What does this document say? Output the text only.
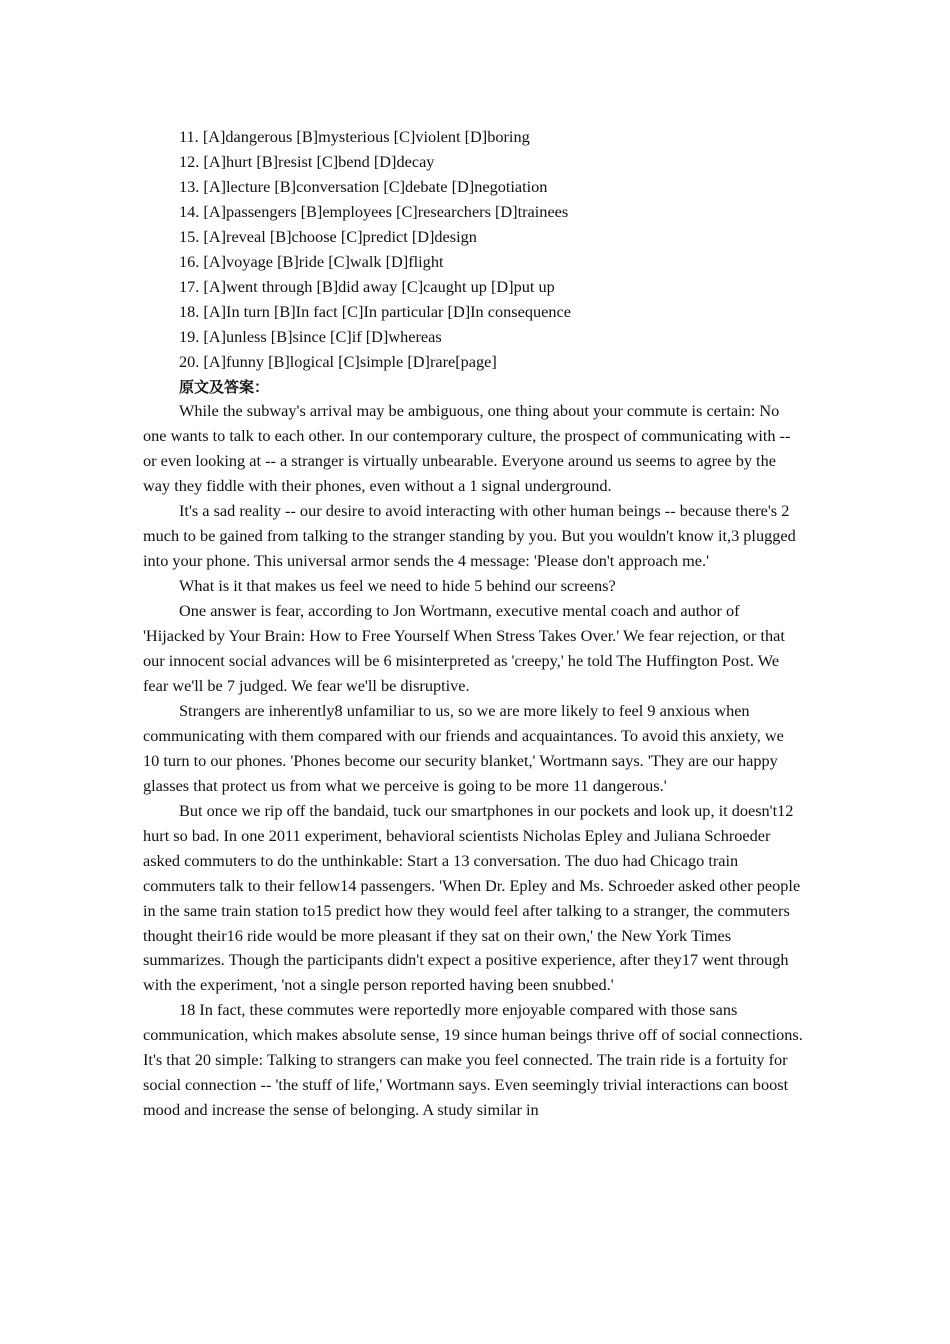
11. [A]dangerous [B]mysterious [C]violent [D]boring
12. [A]hurt [B]resist [C]bend [D]decay
13. [A]lecture [B]conversation [C]debate [D]negotiation
14. [A]passengers [B]employees [C]researchers [D]trainees
15. [A]reveal [B]choose [C]predict [D]design
16. [A]voyage [B]ride [C]walk [D]flight
17. [A]went through [B]did away [C]caught up [D]put up
18. [A]In turn [B]In fact [C]In particular [D]In consequence
19. [A]unless [B]since [C]if [D]whereas
20. [A]funny [B]logical [C]simple [D]rare[page]
原文及答案：

While the subway's arrival may be ambiguous, one thing about your commute is certain: No one wants to talk to each other. In our contemporary culture, the prospect of communicating with -- or even looking at -- a stranger is virtually unbearable. Everyone around us seems to agree by the way they fiddle with their phones, even without a 1 signal underground.

It's a sad reality -- our desire to avoid interacting with other human beings -- because there's 2 much to be gained from talking to the stranger standing by you. But you wouldn't know it,3 plugged into your phone. This universal armor sends the 4 message: 'Please don't approach me.'

What is it that makes us feel we need to hide 5 behind our screens?

One answer is fear, according to Jon Wortmann, executive mental coach and author of 'Hijacked by Your Brain: How to Free Yourself When Stress Takes Over.' We fear rejection, or that our innocent social advances will be 6 misinterpreted as 'creepy,' he told The Huffington Post. We fear we'll be 7 judged. We fear we'll be disruptive.

Strangers are inherently8 unfamiliar to us, so we are more likely to feel 9 anxious when communicating with them compared with our friends and acquaintances. To avoid this anxiety, we 10 turn to our phones. 'Phones become our security blanket,' Wortmann says. 'They are our happy glasses that protect us from what we perceive is going to be more 11 dangerous.'

But once we rip off the bandaid, tuck our smartphones in our pockets and look up, it doesn't12 hurt so bad. In one 2011 experiment, behavioral scientists Nicholas Epley and Juliana Schroeder asked commuters to do the unthinkable: Start a 13 conversation. The duo had Chicago train commuters talk to their fellow14 passengers. 'When Dr. Epley and Ms. Schroeder asked other people in the same train station to15 predict how they would feel after talking to a stranger, the commuters thought their16 ride would be more pleasant if they sat on their own,' the New York Times summarizes. Though the participants didn't expect a positive experience, after they17 went through with the experiment, 'not a single person reported having been snubbed.'

18 In fact, these commutes were reportedly more enjoyable compared with those sans communication, which makes absolute sense, 19 since human beings thrive off of social connections. It's that 20 simple: Talking to strangers can make you feel connected. The train ride is a fortuity for social connection -- 'the stuff of life,' Wortmann says. Even seemingly trivial interactions can boost mood and increase the sense of belonging. A study similar in
